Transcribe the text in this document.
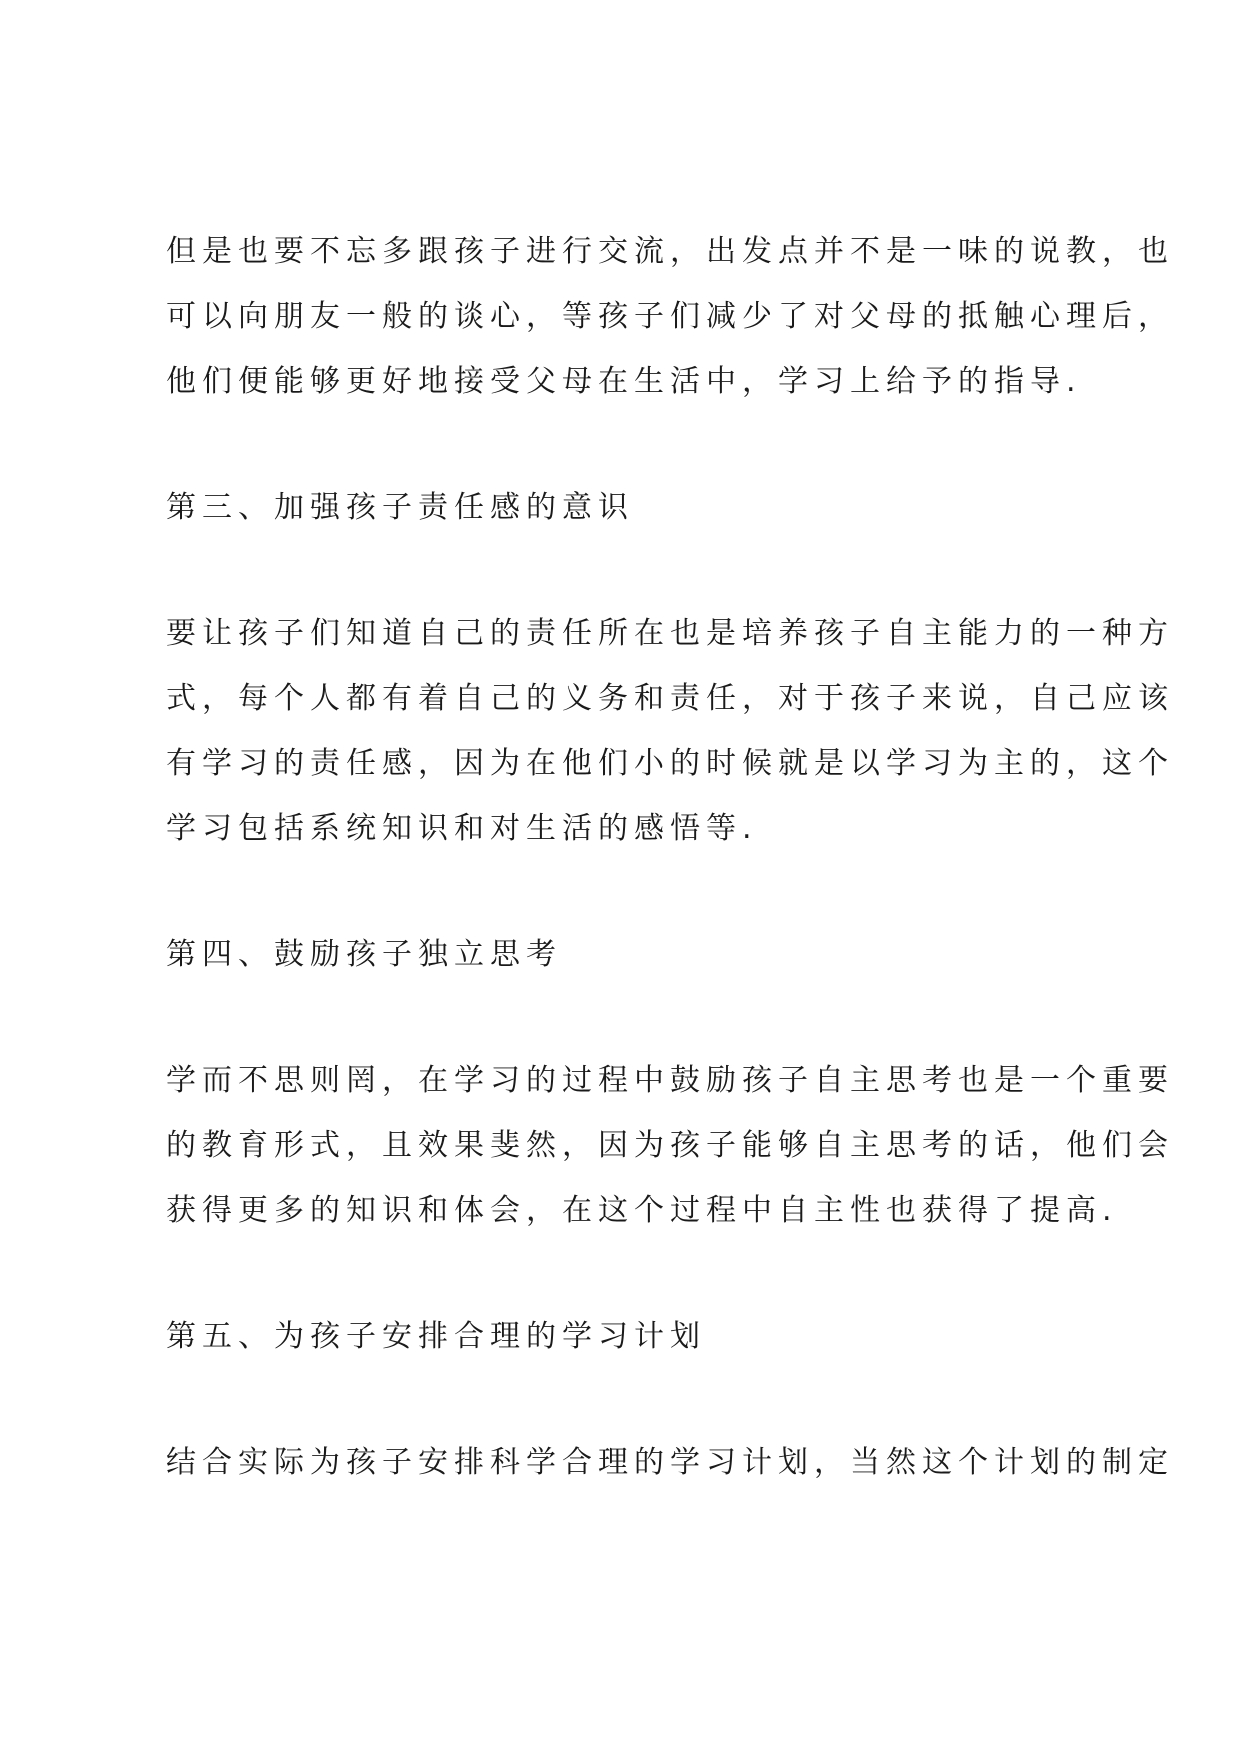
但是也要不忘多跟孩子进行交流，出发点并不是一味的说教，也
可以向朋友一般的谈心，等孩子们减少了对父母的抵触心理后，
他们便能够更好地接受父母在生活中，学习上给予的指导.
第三、加强孩子责任感的意识
要让孩子们知道自己的责任所在也是培养孩子自主能力的一种方
式，每个人都有着自己的义务和责任，对于孩子来说，自己应该
有学习的责任感，因为在他们小的时候就是以学习为主的，这个
学习包括系统知识和对生活的感悟等.
第四、鼓励孩子独立思考
学而不思则罔，在学习的过程中鼓励孩子自主思考也是一个重要
的教育形式，且效果斐然，因为孩子能够自主思考的话，他们会
获得更多的知识和体会，在这个过程中自主性也获得了提高.
第五、为孩子安排合理的学习计划
结合实际为孩子安排科学合理的学习计划，当然这个计划的制定
